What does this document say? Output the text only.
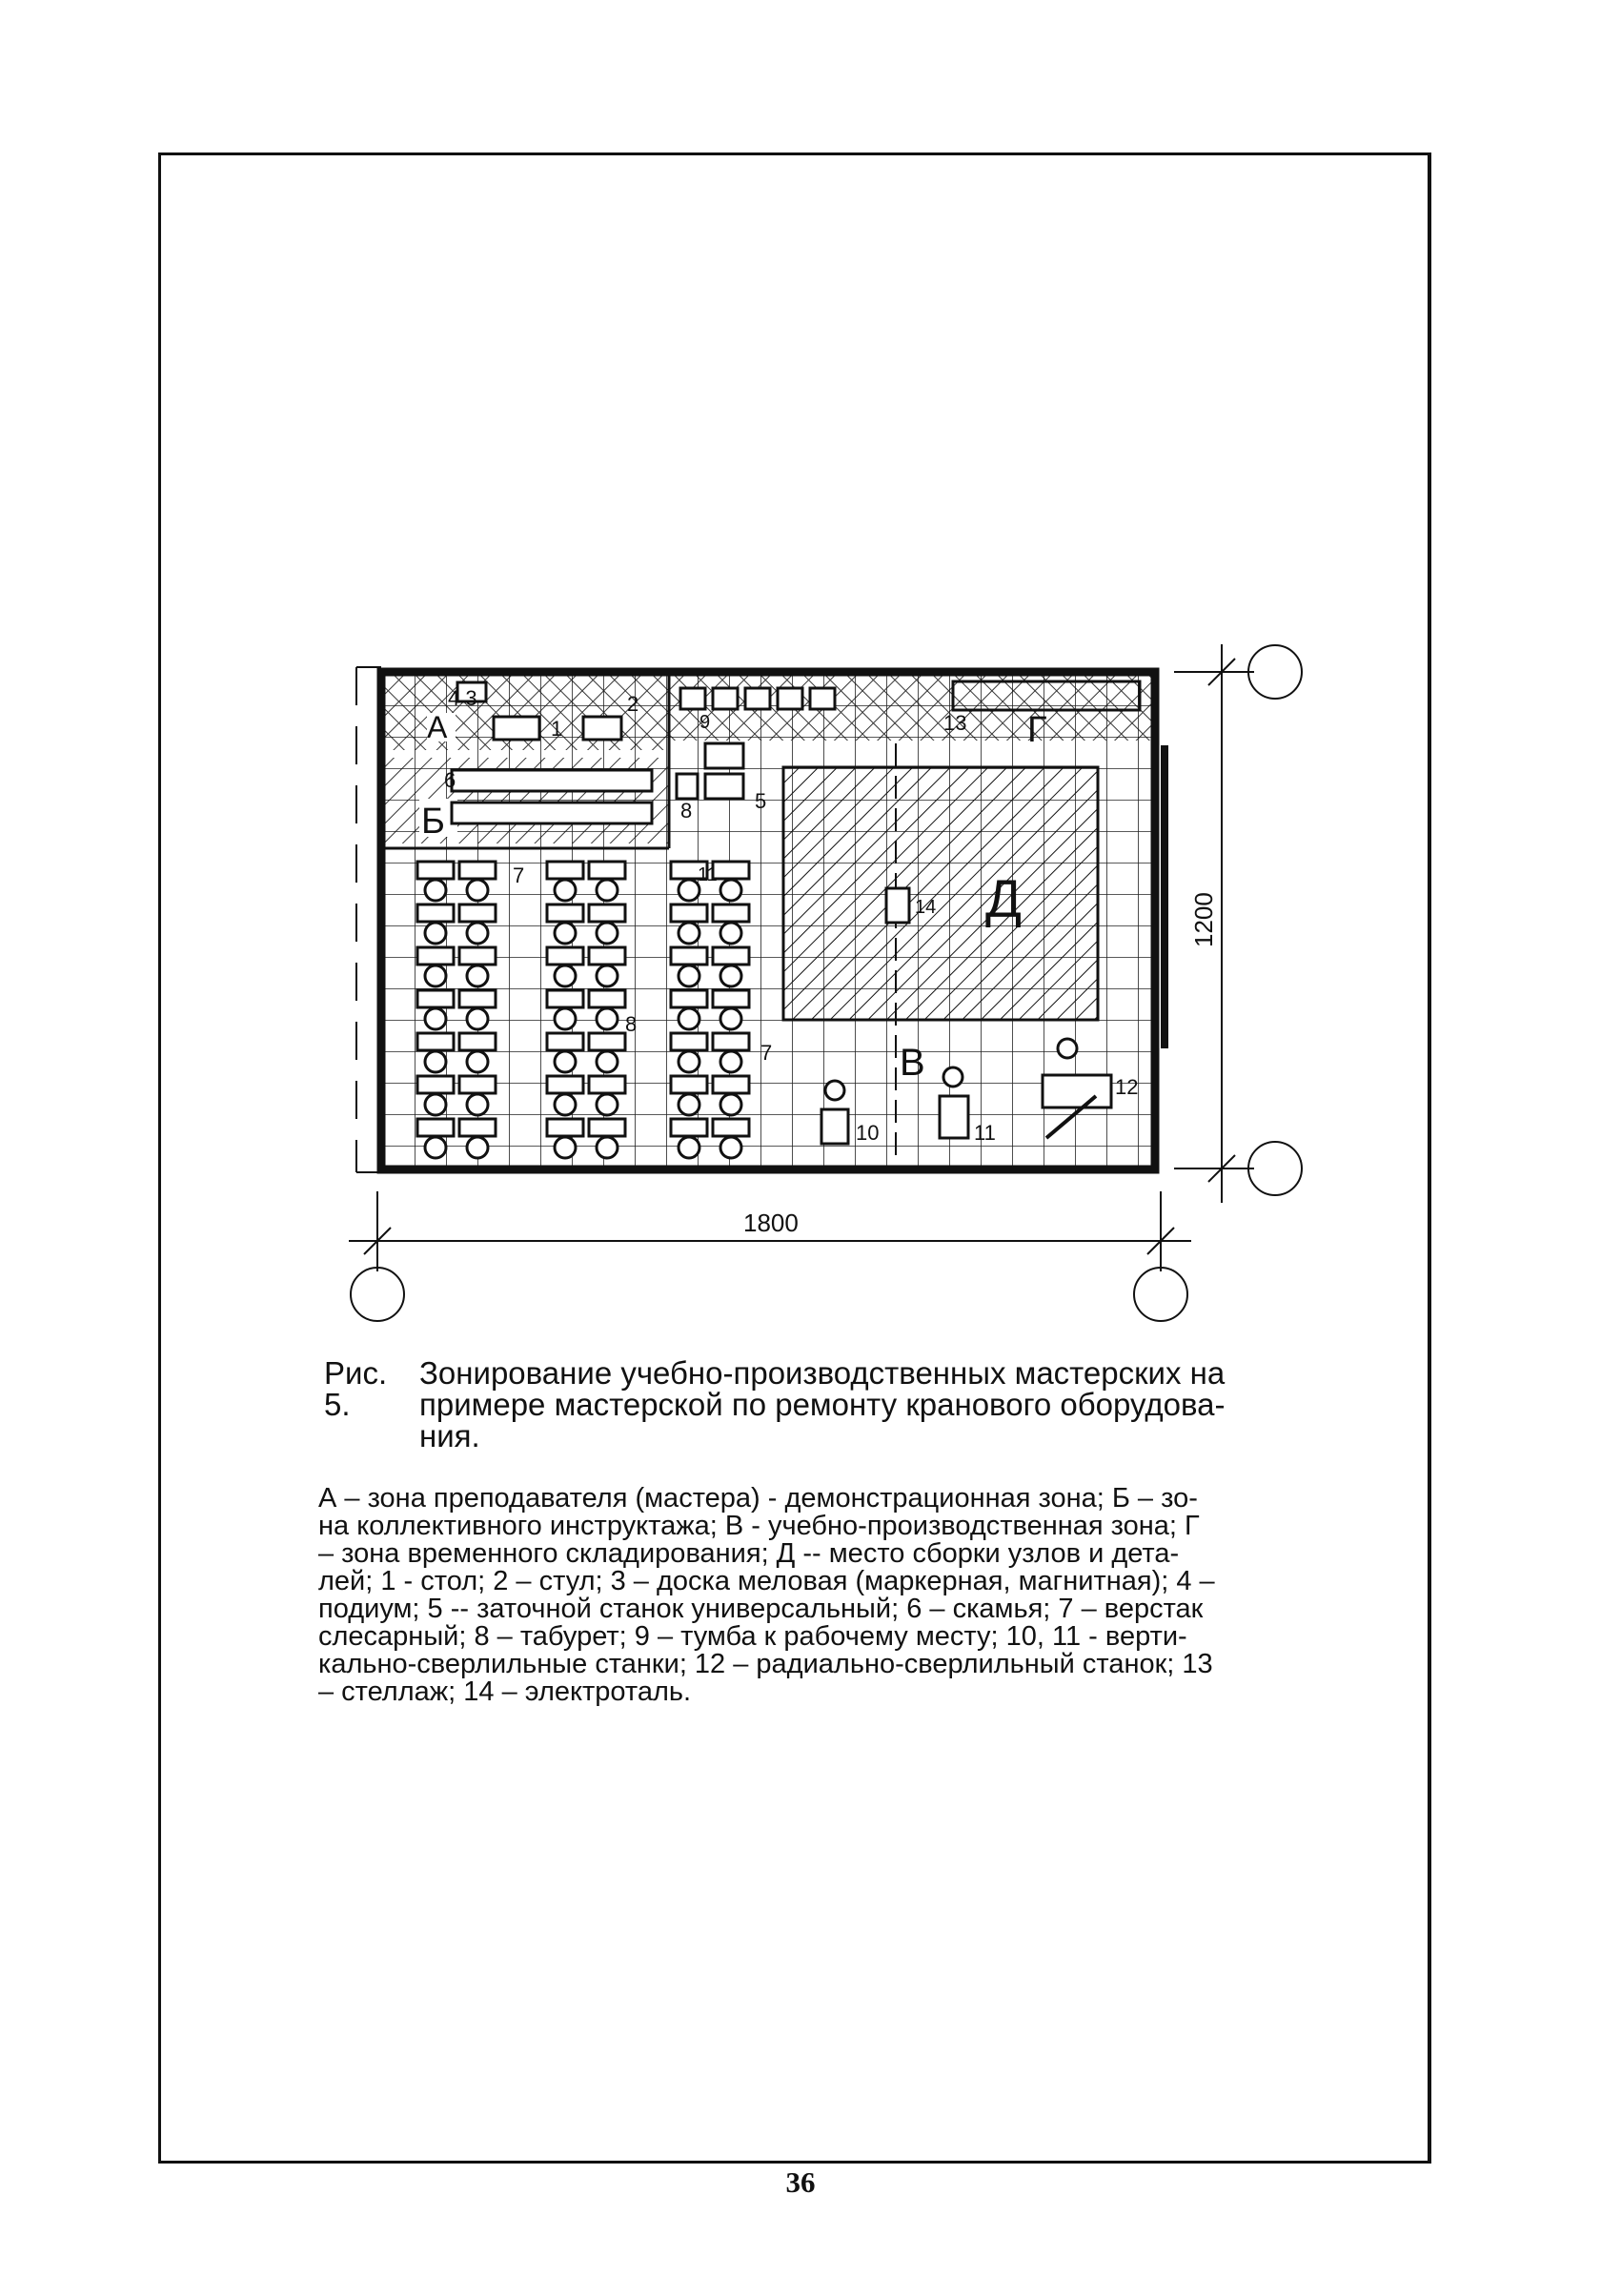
А
Б
В
Г
Д
4 3
1
2
6
9	13
8	5
7
7
8
11
14
10	11
12
1800
1200
Рис. 5.
Зонирование учебно-производственных мастерских на
примере мастерской по ремонту кранового оборудова-
ния.
А – зона преподавателя (мастера) - демонстрационная зона; Б – зо-
на коллективного инструктажа; В - учебно-производственная зона; Г
– зона временного складирования; Д -- место сборки узлов и дета-
лей; 1 - стол; 2 – стул; 3 – доска меловая (маркерная, магнитная); 4 –
подиум; 5 -- заточной станок универсальный; 6 – скамья; 7 – верстак
слесарный; 8 – табурет; 9 – тумба к рабочему месту; 10, 11 - верти-
кально-сверлильные станки; 12 – радиально-сверлильный станок; 13
– стеллаж; 14 – электроталь.
36
